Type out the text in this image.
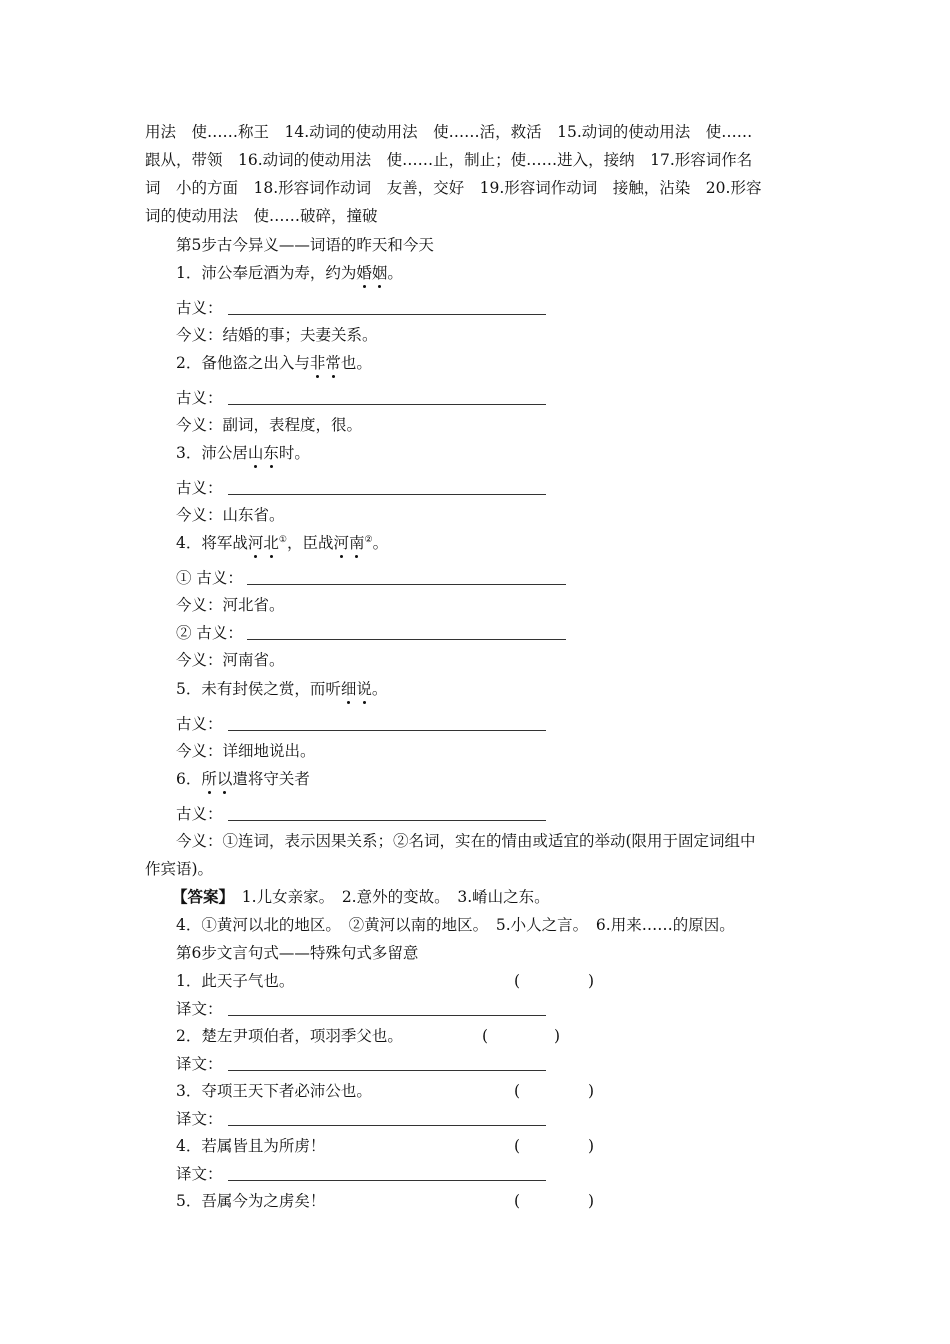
用法　使……称王　14.动词的使动用法　使……活，救活　15.动词的使动用法　使……
跟从，带领　16.动词的使动用法　使……止，制止；使……进入，接纳　17.形容词作名
词　小的方面　18.形容词作动词　友善，交好　19.形容词作动词　接触，沾染　20.形容
词的使动用法　使……破碎，撞破
第5步古今异义——词语的昨天和今天
1．沛公奉卮酒为寿，约为婚姻。
古义：
今义：结婚的事；夫妻关系。
2．备他盗之出入与非常也。
古义：
今义：副词，表程度，很。
3．沛公居山东时。
古义：
今义：山东省。
4．将军战河北①，臣战河南②。
① 古义：
今义：河北省。
② 古义：
今义：河南省。
5．未有封侯之赏，而听细说。
古义：
今义：详细地说出。
6．所以遣将守关者
古义：
今义：①连词，表示因果关系；②名词，实在的情由或适宜的举动(限用于固定词组中
作宾语)。
【答案】　 1.儿女亲家。　2.意外的变故。　3.崤山之东。
4．①黄河以北的地区。　②黄河以南的地区。　5.小人之言。　6.用来……的原因。
第6步文言句式——特殊句式多留意
1．此天子气也。	(	)
译文：
2．楚左尹项伯者，项羽季父也。	(	)
译文：
3．夺项王天下者必沛公也。	(	)
译文：
4．若属皆且为所虏！	(	)
译文：
5．吾属今为之虏矣！	(	)
